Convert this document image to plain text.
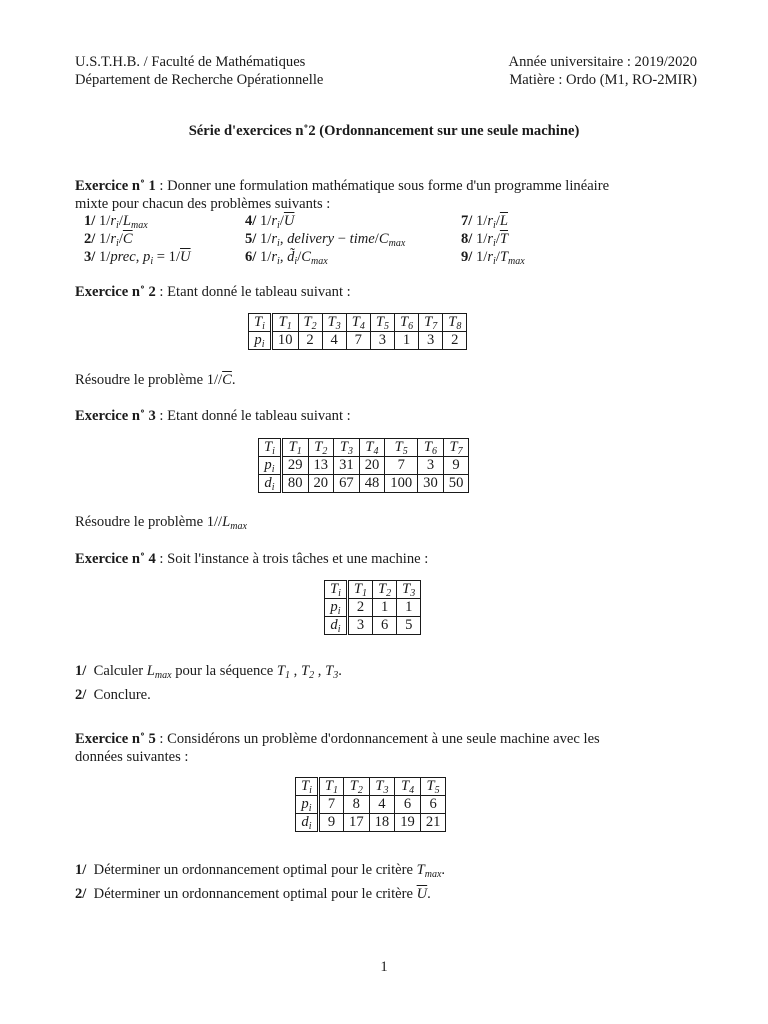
U.S.T.H.B. / Faculté de Mathématiques
Département de Recherche Opérationnelle
Année universitaire : 2019/2020
Matière : Ordo (M1, RO-2MIR)
Série d'exercices n˚2 (Ordonnancement sur une seule machine)
Exercice n˚ 1 : Donner une formulation mathématique sous forme d'un programme linéaire
mixte pour chacun des problèmes suivants :
1/ $1/r_i/L_{max}$	4/ $1/r_i/\overline{U}$	7/ $1/r_i/\overline{L}$
2/ $1/r_i/\overline{C}$	5/ $1/r_i$, delivery − time/$C_{max}$	8/ $1/r_i/\overline{T}$
3/ 1/prec, $p_i = 1/\overline{U}$	6/ $1/r_i$, $d̃_i/C_{max}$	9/ $1/r_i/T_{max}$
Exercice n˚ 2 : Etant donné le tableau suivant :
$T_i$	$T_1$	$T_2$	$T_3$	$T_4$	$T_5$	$T_6$	$T_7$	$T_8$
$p_i$	10	2	4	7	3	1	3	2
Résoudre le problème $1//\overline{C}$.
Exercice n˚ 3 : Etant donné le tableau suivant :
$T_i$	$T_1$	$T_2$	$T_3$	$T_4$	$T_5$	$T_6$	$T_7$
$p_i$	29	13	31	20	7	3	9
$d_i$	80	20	67	48	100	30	50
Résoudre le problème $1//L_{max}$
Exercice n˚ 4 : Soit l'instance à trois tâches et une machine :
$T_i$	$T_1$	$T_2$	$T_3$
$p_i$	2	1	1
$d_i$	3	6	5
1/  Calculer $L_{max}$ pour la séquence $T_1$ , $T_2$ , $T_3$.
2/ Conclure.
Exercice n˚ 5 : Considérons un problème d'ordonnancement à une seule machine avec les
données suivantes :
$T_i$	$T_1$	$T_2$	$T_3$	$T_4$	$T_5$
$p_i$	7	8	4	6	6
$d_i$	9	17	18	19	21
1/  Déterminer un ordonnancement optimal pour le critère $T_{max}$.
2/  Déterminer un ordonnancement optimal pour le critère $\overline{U}$.
1
